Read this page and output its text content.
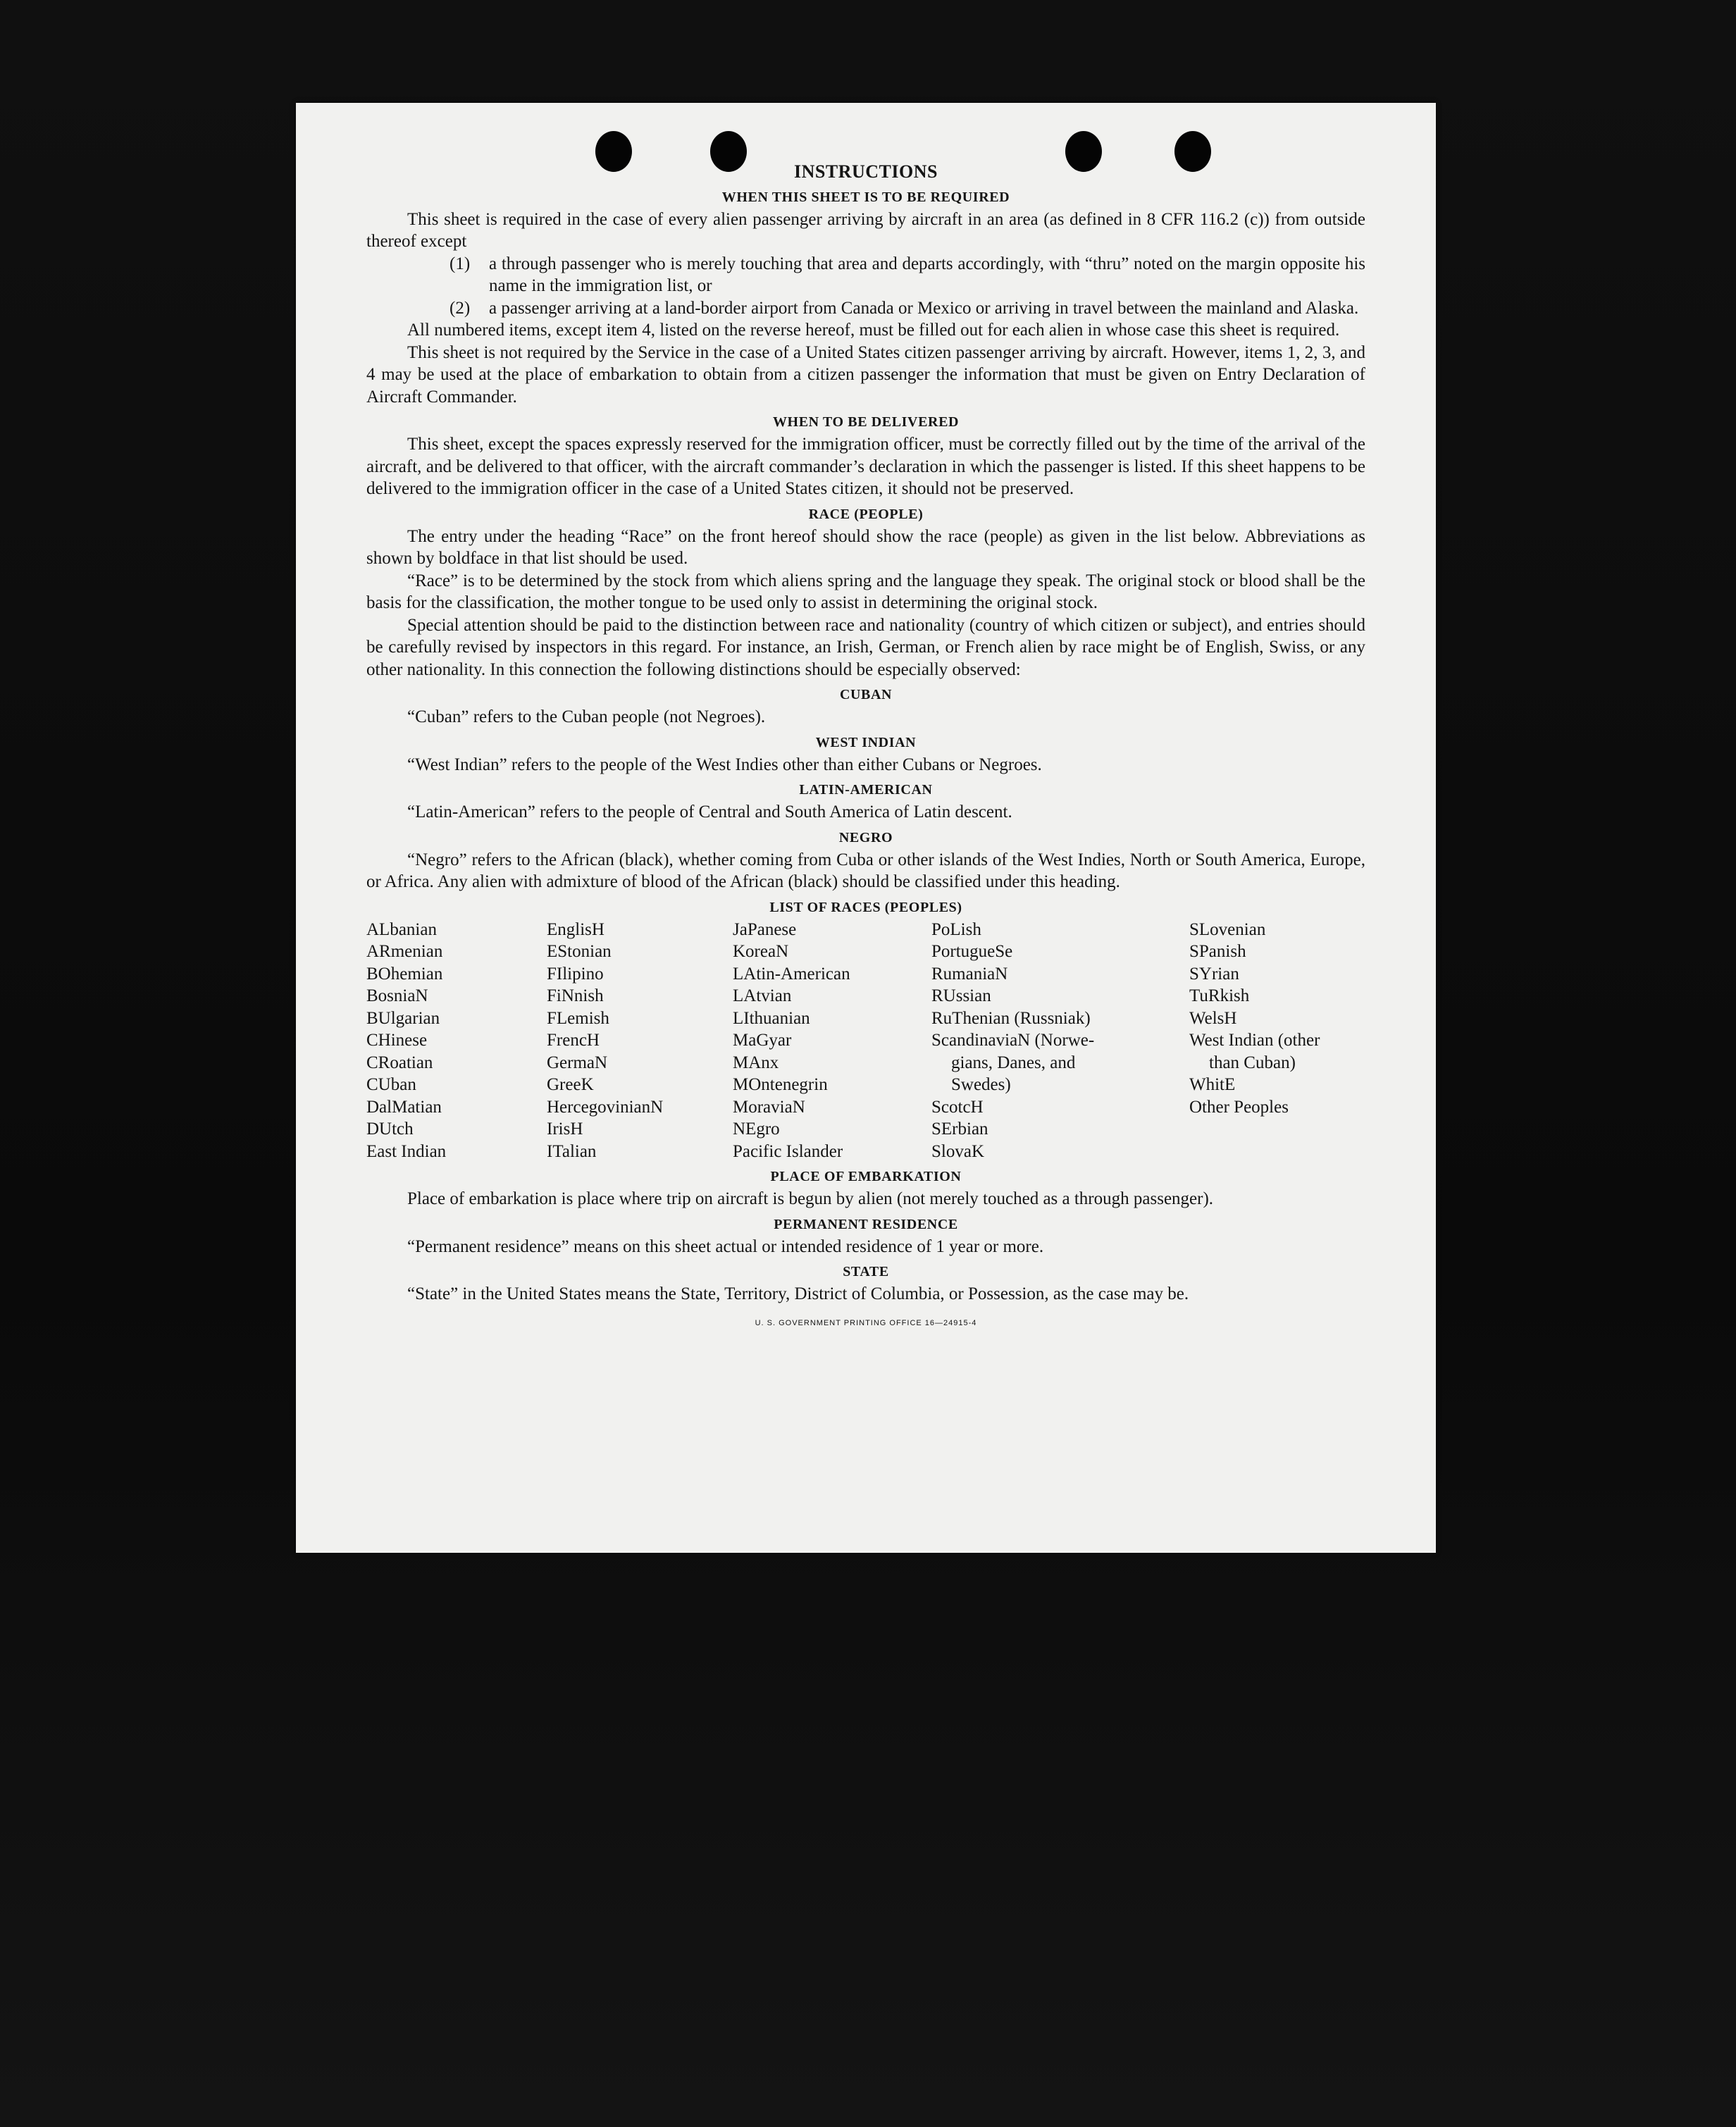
INSTRUCTIONS
WHEN THIS SHEET IS TO BE REQUIRED

This sheet is required in the case of every alien passenger arriving by aircraft in an area (as defined in 8 CFR 116.2 (c)) from outside thereof except

(1)	a through passenger who is merely touching that area and departs accordingly, with “thru” noted on the margin opposite his name in the immigration list, or
(2)	a passenger arriving at a land-border airport from Canada or Mexico or arriving in travel between the mainland and Alaska.

All numbered items, except item 4, listed on the reverse hereof, must be filled out for each alien in whose case this sheet is required.

This sheet is not required by the Service in the case of a United States citizen passenger arriving by aircraft. However, items 1, 2, 3, and 4 may be used at the place of embarkation to obtain from a citizen passenger the information that must be given on Entry Declaration of Aircraft Commander.

WHEN TO BE DELIVERED

This sheet, except the spaces expressly reserved for the immigration officer, must be correctly filled out by the time of the arrival of the aircraft, and be delivered to that officer, with the aircraft commander’s declaration in which the passenger is listed. If this sheet happens to be delivered to the immigration officer in the case of a United States citizen, it should not be preserved.

RACE (PEOPLE)

The entry under the heading “Race” on the front hereof should show the race (people) as given in the list below. Abbreviations as shown by boldface in that list should be used.

“Race” is to be determined by the stock from which aliens spring and the language they speak. The original stock or blood shall be the basis for the classification, the mother tongue to be used only to assist in determining the original stock.

Special attention should be paid to the distinction between race and nationality (country of which citizen or subject), and entries should be carefully revised by inspectors in this regard. For instance, an Irish, German, or French alien by race might be of English, Swiss, or any other nationality. In this connection the following distinctions should be especially observed:

CUBAN

“Cuban” refers to the Cuban people (not Negroes).

WEST INDIAN

“West Indian” refers to the people of the West Indies other than either Cubans or Negroes.

LATIN-AMERICAN

“Latin-American” refers to the people of Central and South America of Latin descent.

NEGRO

“Negro” refers to the African (black), whether coming from Cuba or other islands of the West Indies, North or South America, Europe, or Africa. Any alien with admixture of blood of the African (black) should be classified under this heading.

LIST OF RACES (PEOPLES)
ALbanian
ARmenian
BOhemian
BosniaN
BUlgarian
CHinese
CRoatian
CUban
DalMatian
DUtch
East Indian
EnglisH
EStonian
FIlipino
FiNnish
FLemish
FrencH
GermaN
GreeK
HercegovinianN
IrisH
ITalian
JaPanese
KoreaN
LAtin-American
LAtvian
LIthuanian
MaGyar
MAnx
MOntenegrin
MoraviaN
NEgro
Pacific Islander
PoLish
PortugueSe
RumaniaN
RUssian
RuThenian (Russniak)
ScandinaviaN (Norwe-
gians, Danes, and
Swedes)
ScotcH
SErbian
SlovaK
SLovenian
SPanish
SYrian
TuRkish
WelsH
West Indian (other
than Cuban)
WhitE
Other Peoples
PLACE OF EMBARKATION

Place of embarkation is place where trip on aircraft is begun by alien (not merely touched as a through passenger).

PERMANENT RESIDENCE

“Permanent residence” means on this sheet actual or intended residence of 1 year or more.

STATE

“State” in the United States means the State, Territory, District of Columbia, or Possession, as the case may be.

U. S. GOVERNMENT PRINTING OFFICE 16—24915-4
